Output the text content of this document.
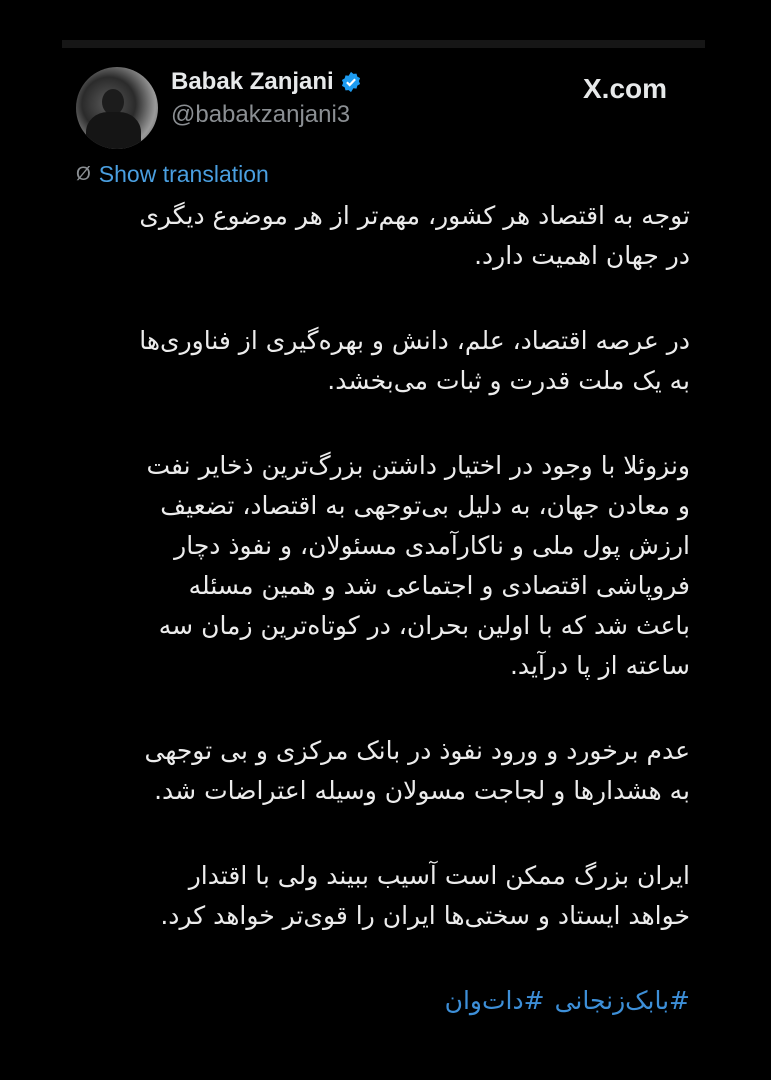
Babak Zanjani
@babakzanjani3
X.com
Ø Show translation
توجه به اقتصاد هر کشور، مهم‌تر از هر موضوع دیگری
در جهان اهمیت دارد.
در عرصه اقتصاد، علم، دانش و بهره‌گیری از فناوری‌ها
به یک ملت قدرت و ثبات می‌بخشد.
ونزوئلا با وجود در اختیار داشتن بزرگ‌ترین ذخایر نفت
و معادن جهان، به دلیل بی‌توجهی به اقتصاد، تضعیف
ارزش پول ملی و ناکارآمدی مسئولان، و نفوذ دچار
فروپاشی اقتصادی و اجتماعی شد و همین مسئله
باعث شد که با اولین بحران، در کوتاه‌ترین زمان سه
ساعته از پا درآید.
عدم برخورد و ورود نفوذ در بانک مرکزی و بی توجهی
به هشدارها و لجاجت مسولان وسیله اعتراضات شد.
ایران بزرگ ممکن است آسیب ببیند ولی با اقتدار
خواهد ایستاد و سختی‌ها ایران را قوی‌تر خواهد کرد.
#بابک‌زنجانی#دات‌وان
